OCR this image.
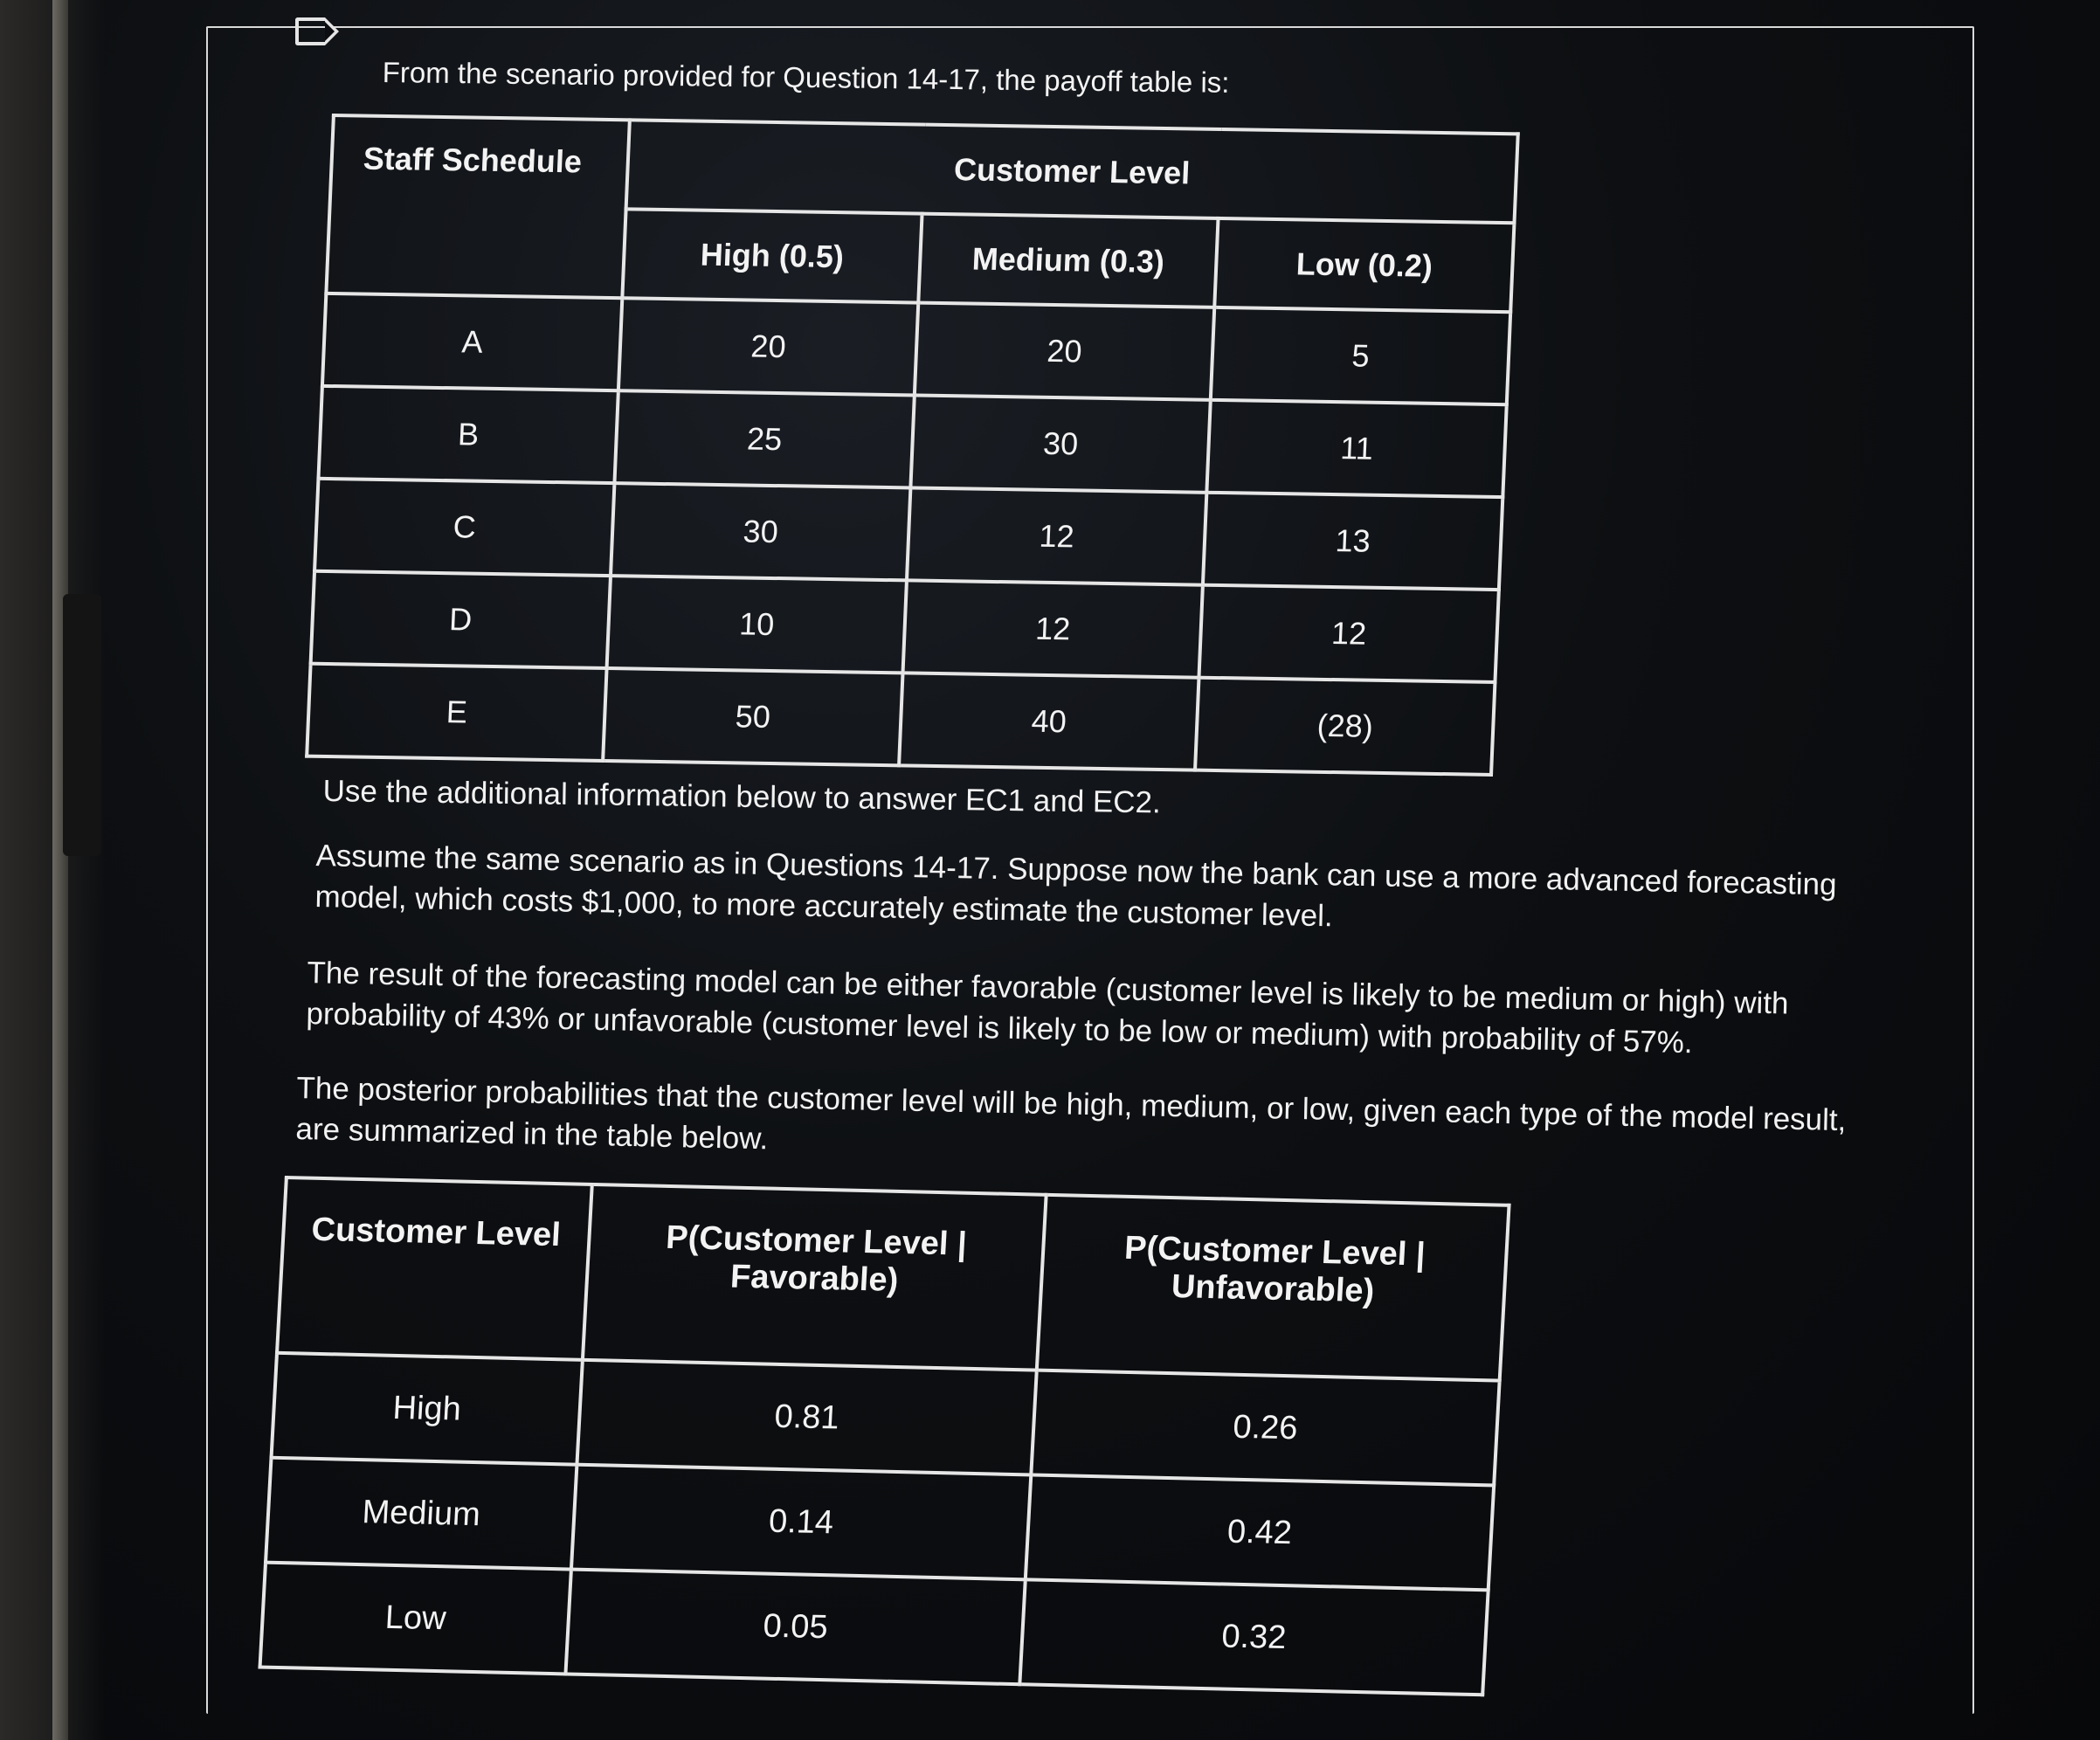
From the scenario provided for Question 14-17, the payoff table is:
Staff Schedule	Customer Level		
	High (0.5)	Medium (0.3)	Low (0.2)
A	20	20	5
B	25	30	11
C	30	12	13
D	10	12	12
E	50	40	(28)
Use the additional information below to answer EC1 and EC2.
Assume the same scenario as in Questions 14-17. Suppose now the bank can use a more advanced forecasting model, which costs $1,000, to more accurately estimate the customer level.
The result of the forecasting model can be either favorable (customer level is likely to be medium or high) with probability of 43% or unfavorable (customer level is likely to be low or medium) with probability of 57%.
The posterior probabilities that the customer level will be high, medium, or low, given each type of the model result, are summarized in the table below.
Customer Level	P(Customer Level | Favorable)	P(Customer Level | Unfavorable)
High	0.81	0.26
Medium	0.14	0.42
Low	0.05	0.32
